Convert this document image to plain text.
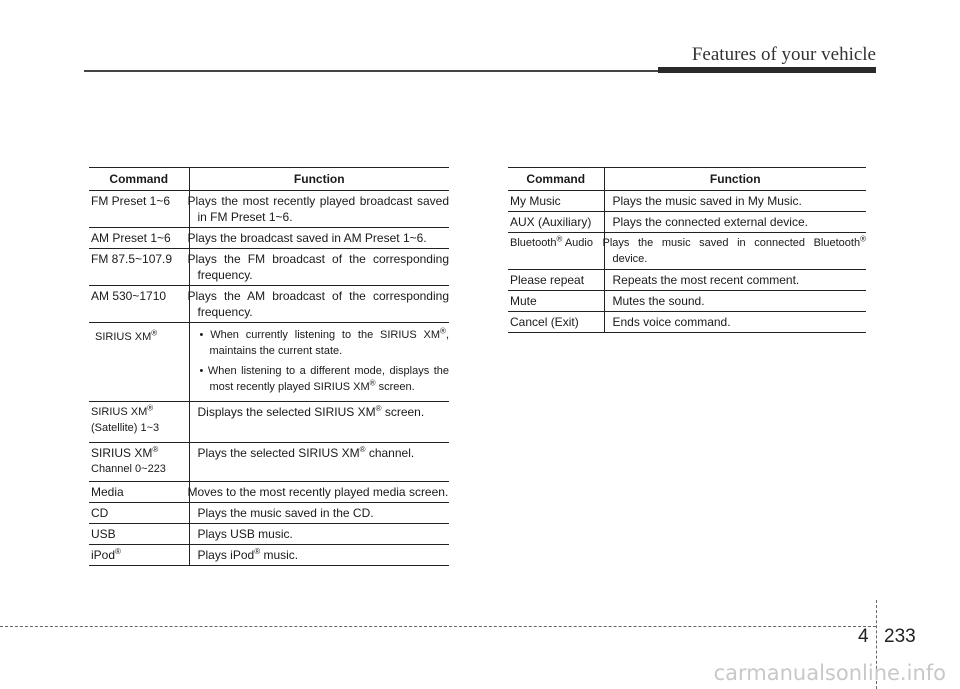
Features of your vehicle
Command	Function
FM Preset 1~6	Plays the most recently played broadcast saved in FM Preset 1~6.
AM Preset 1~6	Plays the broadcast saved in AM Preset 1~6.
FM 87.5~107.9	Plays the FM broadcast of the corresponding frequency.
AM 530~1710	Plays the AM broadcast of the corresponding frequency.
SIRIUS XM®	• When currently listening to the SIRIUS XM®, maintains the current state.
• When listening to a different mode, displays the most recently played SIRIUS XM® screen.

SIRIUS XM®
(Satellite) 1~3	Displays the selected SIRIUS XM® screen.
SIRIUS XM®
Channel 0~223	Plays the selected SIRIUS XM® channel.
Media	Moves to the most recently played media screen.
CD	Plays the music saved in the CD.
USB	Plays USB music.
iPod®	Plays iPod® music.
Command	Function
My Music	Plays the music saved in My Music.
AUX (Auxiliary)	Plays the connected external device.
Bluetooth® Audio	Plays the music saved in connected Bluetooth® device.
Please repeat	Repeats the most recent comment.
Mute	Mutes the sound.
Cancel (Exit)	Ends voice command.
4 233
carmanualsonline.info
